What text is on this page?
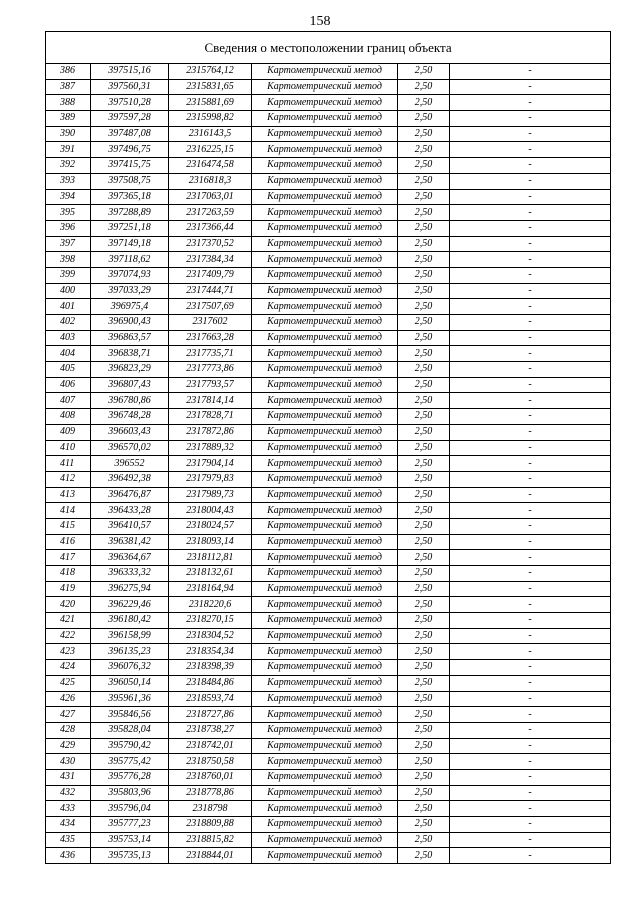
158
Сведения о местоположении границ объекта					
386	397515,16	2315764,12	Картометрический метод	2,50	-
387	397560,31	2315831,65	Картометрический метод	2,50	-
388	397510,28	2315881,69	Картометрический метод	2,50	-
389	397597,28	2315998,82	Картометрический метод	2,50	-
390	397487,08	2316143,5	Картометрический метод	2,50	-
391	397496,75	2316225,15	Картометрический метод	2,50	-
392	397415,75	2316474,58	Картометрический метод	2,50	-
393	397508,75	2316818,3	Картометрический метод	2,50	-
394	397365,18	2317063,01	Картометрический метод	2,50	-
395	397288,89	2317263,59	Картометрический метод	2,50	-
396	397251,18	2317366,44	Картометрический метод	2,50	-
397	397149,18	2317370,52	Картометрический метод	2,50	-
398	397118,62	2317384,34	Картометрический метод	2,50	-
399	397074,93	2317409,79	Картометрический метод	2,50	-
400	397033,29	2317444,71	Картометрический метод	2,50	-
401	396975,4	2317507,69	Картометрический метод	2,50	-
402	396900,43	2317602	Картометрический метод	2,50	-
403	396863,57	2317663,28	Картометрический метод	2,50	-
404	396838,71	2317735,71	Картометрический метод	2,50	-
405	396823,29	2317773,86	Картометрический метод	2,50	-
406	396807,43	2317793,57	Картометрический метод	2,50	-
407	396780,86	2317814,14	Картометрический метод	2,50	-
408	396748,28	2317828,71	Картометрический метод	2,50	-
409	396603,43	2317872,86	Картометрический метод	2,50	-
410	396570,02	2317889,32	Картометрический метод	2,50	-
411	396552	2317904,14	Картометрический метод	2,50	-
412	396492,38	2317979,83	Картометрический метод	2,50	-
413	396476,87	2317989,73	Картометрический метод	2,50	-
414	396433,28	2318004,43	Картометрический метод	2,50	-
415	396410,57	2318024,57	Картометрический метод	2,50	-
416	396381,42	2318093,14	Картометрический метод	2,50	-
417	396364,67	2318112,81	Картометрический метод	2,50	-
418	396333,32	2318132,61	Картометрический метод	2,50	-
419	396275,94	2318164,94	Картометрический метод	2,50	-
420	396229,46	2318220,6	Картометрический метод	2,50	-
421	396180,42	2318270,15	Картометрический метод	2,50	-
422	396158,99	2318304,52	Картометрический метод	2,50	-
423	396135,23	2318354,34	Картометрический метод	2,50	-
424	396076,32	2318398,39	Картометрический метод	2,50	-
425	396050,14	2318484,86	Картометрический метод	2,50	-
426	395961,36	2318593,74	Картометрический метод	2,50	-
427	395846,56	2318727,86	Картометрический метод	2,50	-
428	395828,04	2318738,27	Картометрический метод	2,50	-
429	395790,42	2318742,01	Картометрический метод	2,50	-
430	395775,42	2318750,58	Картометрический метод	2,50	-
431	395776,28	2318760,01	Картометрический метод	2,50	-
432	395803,96	2318778,86	Картометрический метод	2,50	-
433	395796,04	2318798	Картометрический метод	2,50	-
434	395777,23	2318809,88	Картометрический метод	2,50	-
435	395753,14	2318815,82	Картометрический метод	2,50	-
436	395735,13	2318844,01	Картометрический метод	2,50	-
